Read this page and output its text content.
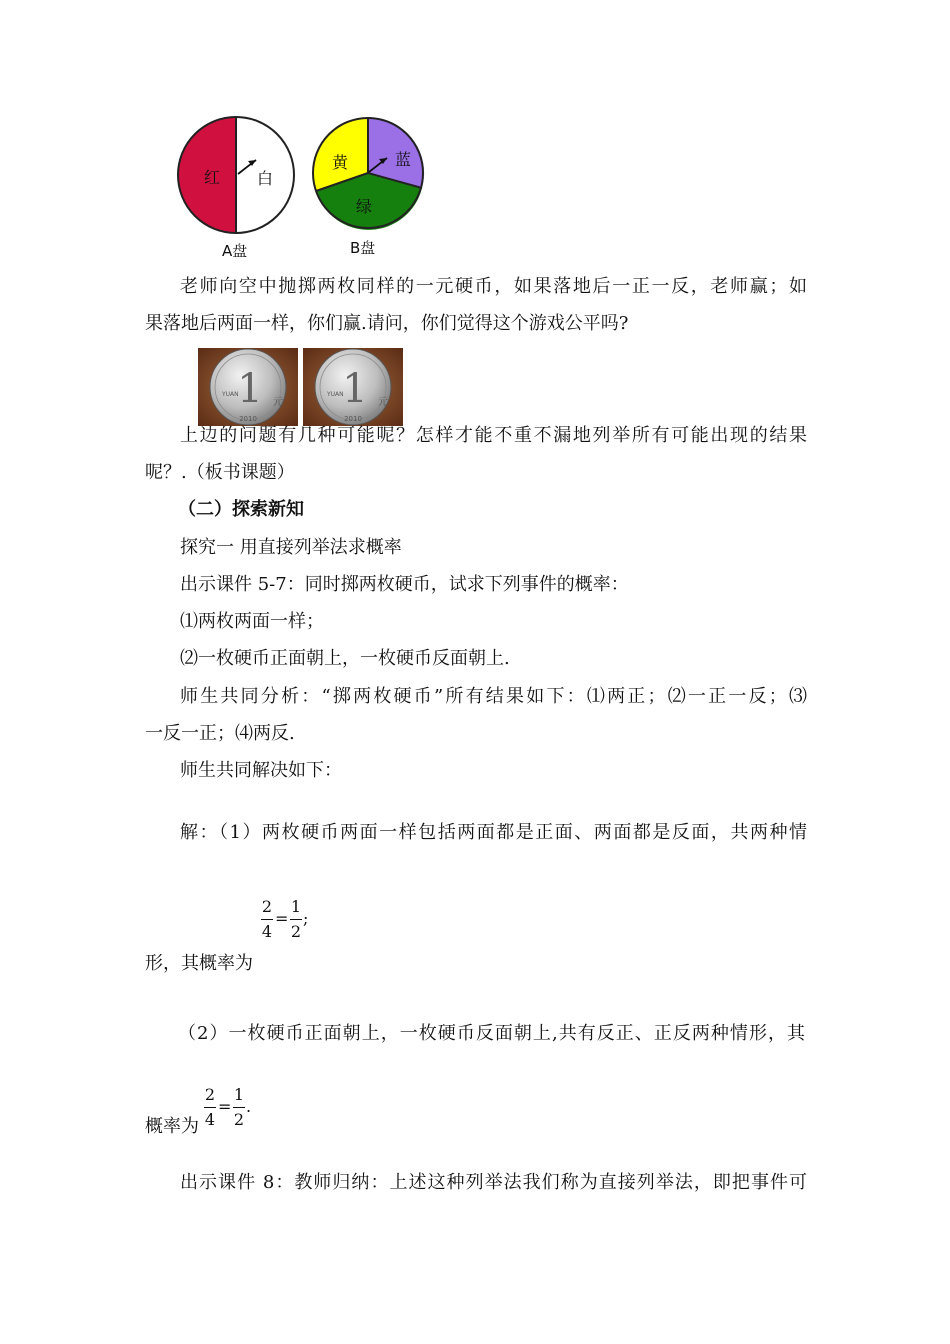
红 白
A盘
黄	蓝
绿
B盘
老师向空中抛掷两枚同样的一元硬币，如果落地后一正一反，老师赢；如
果落地后两面一样，你们赢.请问，你们觉得这个游戏公平吗?
1 元
YUAN
2010
1 元
YUAN
2010
上边的问题有几种可能呢？怎样才能不重不漏地列举所有可能出现的结果
呢？.（板书课题）
（二）探索新知
探究一 用直接列举法求概率
出示课件 5-7：同时掷两枚硬币，试求下列事件的概率：
⑴两枚两面一样；
⑵一枚硬币正面朝上，一枚硬币反面朝上.
师生共同分析：“掷两枚硬币”所有结果如下：⑴两正；⑵一正一反；⑶
一反一正；⑷两反.
师生共同解决如下：
解：（1）两枚硬币两面一样包括两面都是正面、两面都是反面，共两种情
2
4
=
1
2
;
形，其概率为
（2）一枚硬币正面朝上，一枚硬币反面朝上,共有反正、正反两种情形，其
2
4
=
1
2
.
概率为
出示课件 8：教师归纳：上述这种列举法我们称为直接列举法，即把事件可
